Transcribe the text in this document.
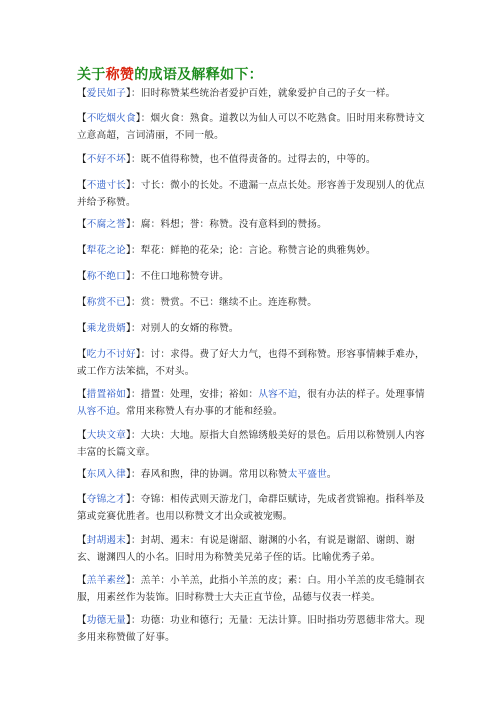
关于称赞的成语及解释如下：
【爱民如子】：旧时称赞某些统治者爱护百姓，就象爱护自己的子女一样。
【不吃烟火食】：烟火食：熟食。道教以为仙人可以不吃熟食。旧时用来称赞诗文立意高超，言词清丽，不同一般。
【不好不坏】：既不值得称赞，也不值得责备的。过得去的，中等的。
【不遗寸长】：寸长：微小的长处。不遗漏一点点长处。形容善于发现别人的优点并给予称赞。
【不腐之誉】：腐：料想；誉：称赞。没有意料到的赞扬。
【犁花之论】：犁花：鲜艳的花朵；论：言论。称赞言论的典雅隽妙。
【称不绝口】：不住口地称赞夸讲。
【称赏不已】：赏：赞赏。不已：继续不止。连连称赞。
【乘龙贵婿】：对别人的女婿的称赞。
【吃力不讨好】：讨：求得。费了好大力气，也得不到称赞。形容事情棘手难办，或工作方法笨拙，不对头。
【措置裕如】：措置：处理，安排；裕如：从容不迫，很有办法的样子。处理事情从容不迫。常用来称赞人有办事的才能和经验。
【大块文章】：大块：大地。原指大自然锦绣般美好的景色。后用以称赞别人内容丰富的长篇文章。
【东风入律】：春风和煦，律的协调。常用以称赞太平盛世。
【夺锦之才】：夺锦：相传武则天游龙门，命群臣赋诗，先成者赏锦袍。指科举及第或竞赛优胜者。也用以称赞文才出众或被宠赐。
【封胡遏末】：封胡、遏末：有说是谢韶、谢渊的小名，有说是谢韶、谢朗、谢玄、谢渊四人的小名。旧时用为称赞美兄弟子侄的话。比喻优秀子弟。
【羔羊素丝】：羔羊：小羊羔，此指小羊羔的皮；素：白。用小羊羔的皮毛缝制衣服，用素丝作为装饰。旧时称赞士大夫正直节俭，品德与仪表一样美。
【功德无量】：功德：功业和德行；无量：无法计算。旧时指功劳恩德非常大。现多用来称赞做了好事。
